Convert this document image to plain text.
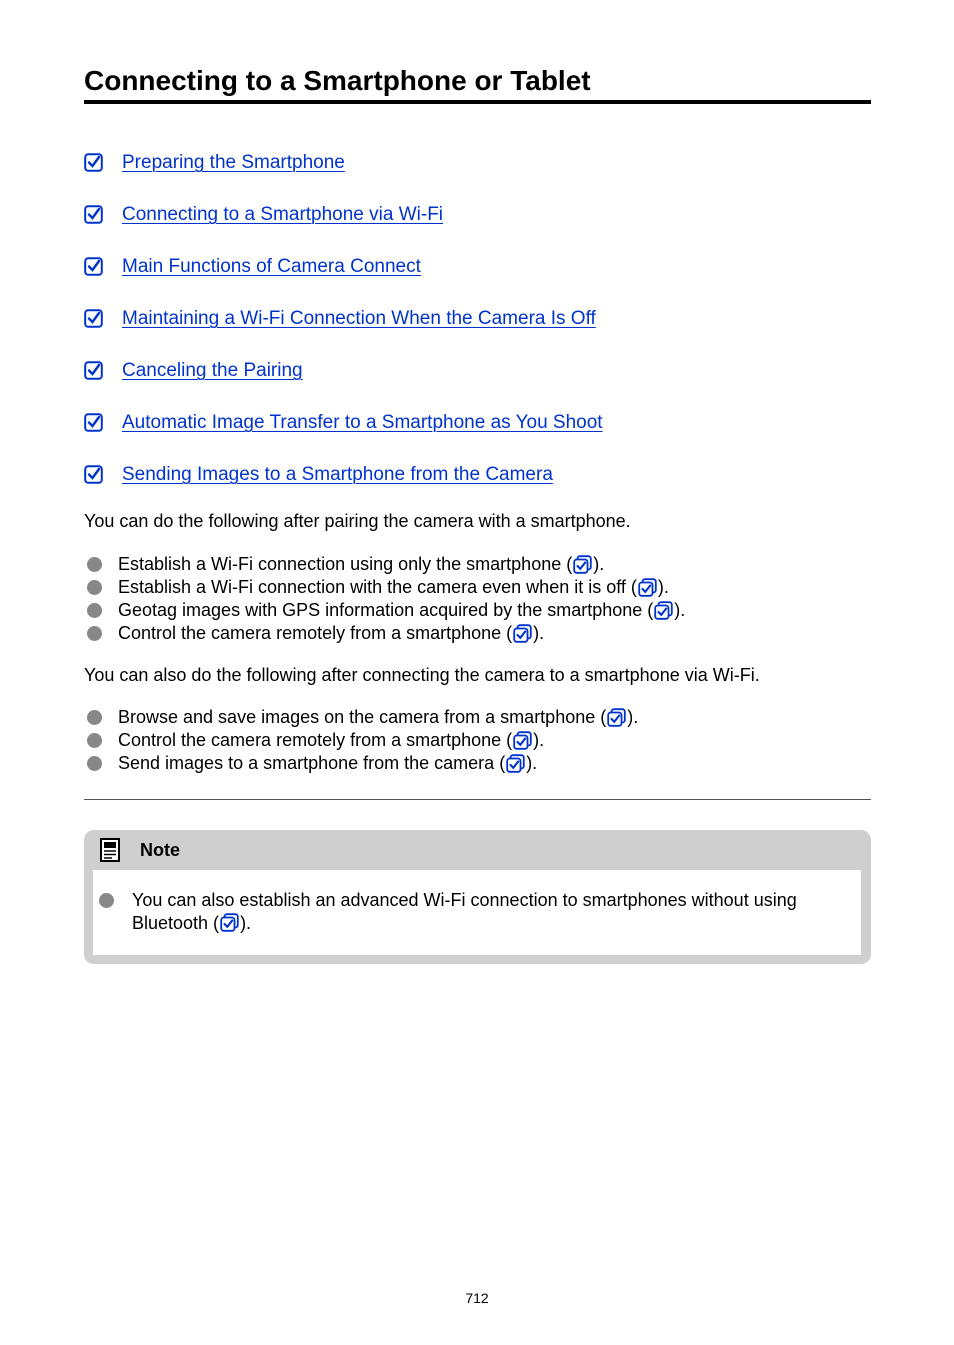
Connecting to a Smartphone or Tablet
Preparing the Smartphone
Connecting to a Smartphone via Wi-Fi
Main Functions of Camera Connect
Maintaining a Wi-Fi Connection When the Camera Is Off
Canceling the Pairing
Automatic Image Transfer to a Smartphone as You Shoot
Sending Images to a Smartphone from the Camera
You can do the following after pairing the camera with a smartphone.
Establish a Wi-Fi connection using only the smartphone ( ).
Establish a Wi-Fi connection with the camera even when it is off ( ).
Geotag images with GPS information acquired by the smartphone ( ).
Control the camera remotely from a smartphone ( ).
You can also do the following after connecting the camera to a smartphone via Wi-Fi.
Browse and save images on the camera from a smartphone ( ).
Control the camera remotely from a smartphone ( ).
Send images to a smartphone from the camera ( ).
Note
You can also establish an advanced Wi-Fi connection to smartphones without using Bluetooth ( ).
712
